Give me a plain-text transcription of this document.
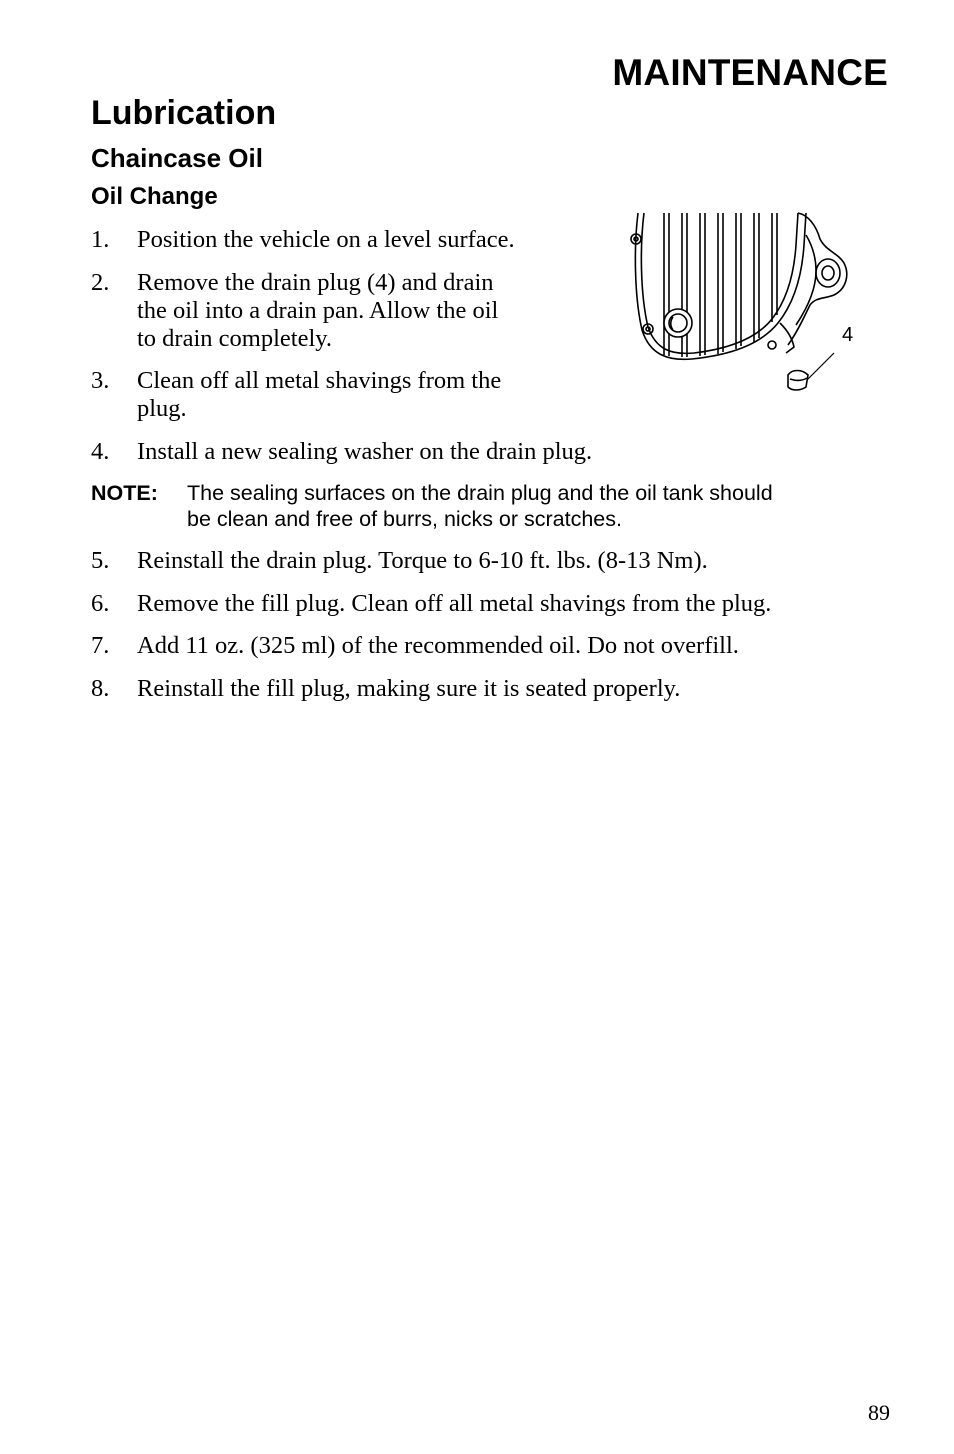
MAINTENANCE
Lubrication
Chaincase Oil
Oil Change
1.	Position the vehicle on a level surface.
2.	Remove the drain plug (4) and drain
the oil into a drain pan. Allow the oil
to drain completely.
3.	Clean off all metal shavings from the
plug.
4.	Install a new sealing washer on the drain plug.
NOTE: The sealing surfaces on the drain plug and the oil tank should
be clean and free of burrs, nicks or scratches.
5.	Reinstall the drain plug. Torque to 6-10 ft. lbs. (8-13 Nm).
6.	Remove the fill plug. Clean off all metal shavings from the plug.
7.	Add 11 oz. (325 ml) of the recommended oil. Do not overfill.
8.	Reinstall the fill plug, making sure it is seated properly.
4
89
